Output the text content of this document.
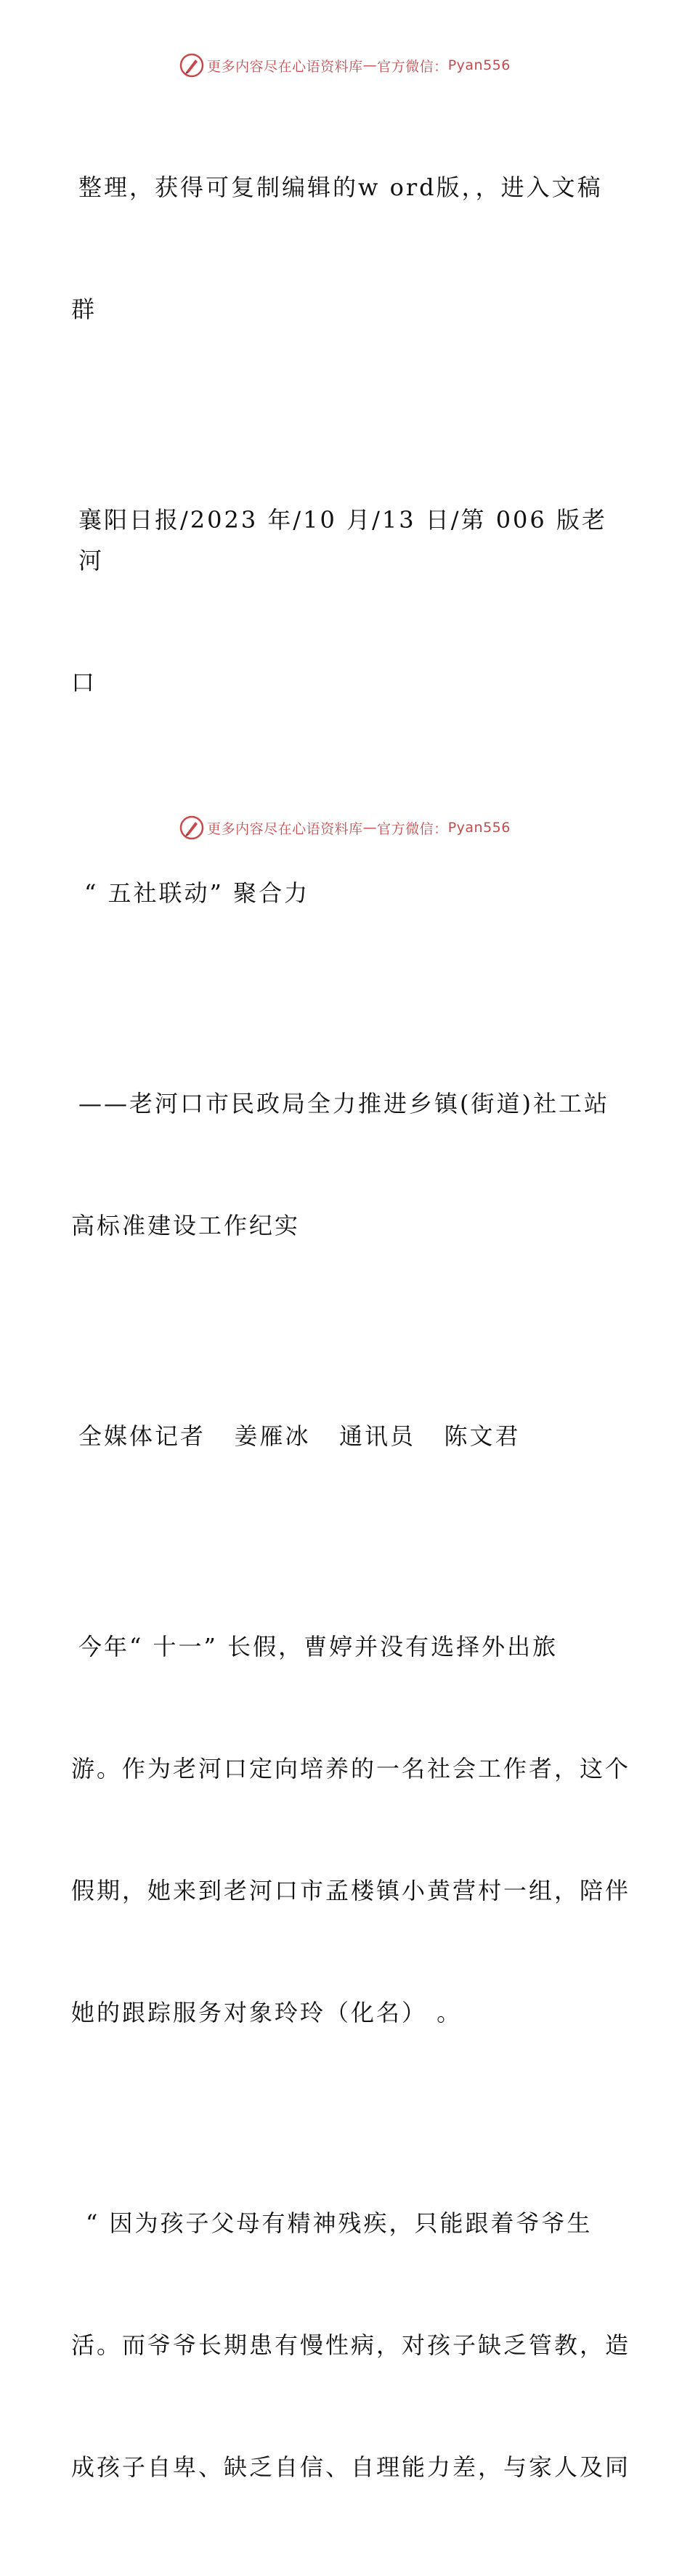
更多内容尽在心语资料库 — 官方微信： Pyan556

整理，获得可复制编辑的w ord版，，进入文稿

群

襄阳日报/2023 年/10 月/13 日/第 006 版老河

口

“ 五社联动” 聚合力

——老河口市民政局全力推进乡镇(街道)社工站

高标准建设工作纪实

全媒体记者   姜雁冰   通讯员   陈文君

今年“ 十一” 长假，曹婷并没有选择外出旅

游。作为老河口定向培养的一名社会工作者，这个

假期，她来到老河口市孟楼镇小黄营村一组，陪伴

她的跟踪服务对象玲玲（化名） 。

“ 因为孩子父母有精神残疾，只能跟着爷爷生

活。而爷爷长期患有慢性病，对孩子缺乏管教，造

成孩子自卑、缺乏自信、自理能力差，与家人及同

更多内容尽在心语资料库 — 官方微信： Pyan556
